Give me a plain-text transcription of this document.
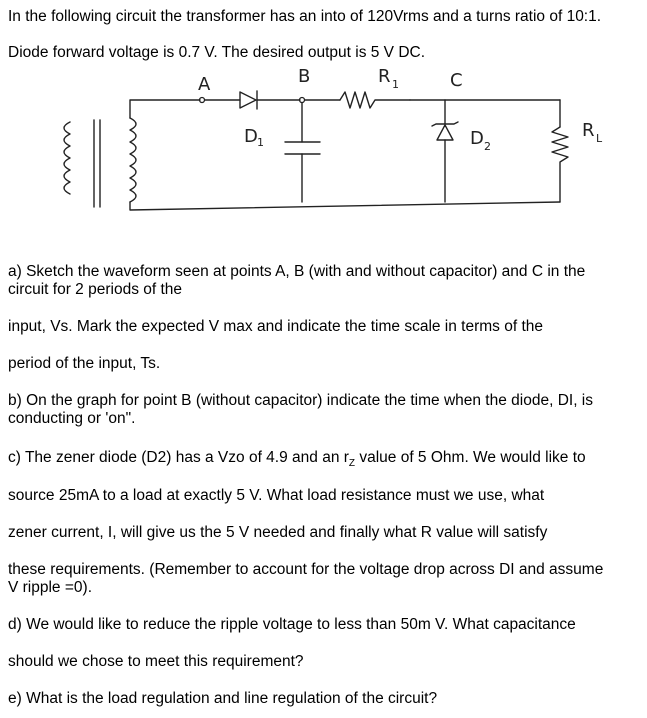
In the following circuit the transformer has an into of 120Vrms and a turns ratio of 10:1.
Diode forward voltage is 0.7 V. The desired output is 5 V DC.
A	B	R 1	C
D 1	D 2
R L
a) Sketch the waveform seen at points A, B (with and without capacitor) and C in the
circuit for 2 periods of the
input, Vs. Mark the expected V max and indicate the time scale in terms of the
period of the input, Ts.
b) On the graph for point B (without capacitor) indicate the time when the diode, DI, is
conducting or 'on".
c) The zener diode (D2) has a Vzo of 4.9 and an $r_Z$ value of 5 Ohm. We would like to
source 25mA to a load at exactly 5 V. What load resistance must we use, what
zener current, I, will give us the 5 V needed and finally what R value will satisfy
these requirements. (Remember to account for the voltage drop across DI and assume
V ripple =0).
d) We would like to reduce the ripple voltage to less than 50m V. What capacitance
should we chose to meet this requirement?
e) What is the load regulation and line regulation of the circuit?
